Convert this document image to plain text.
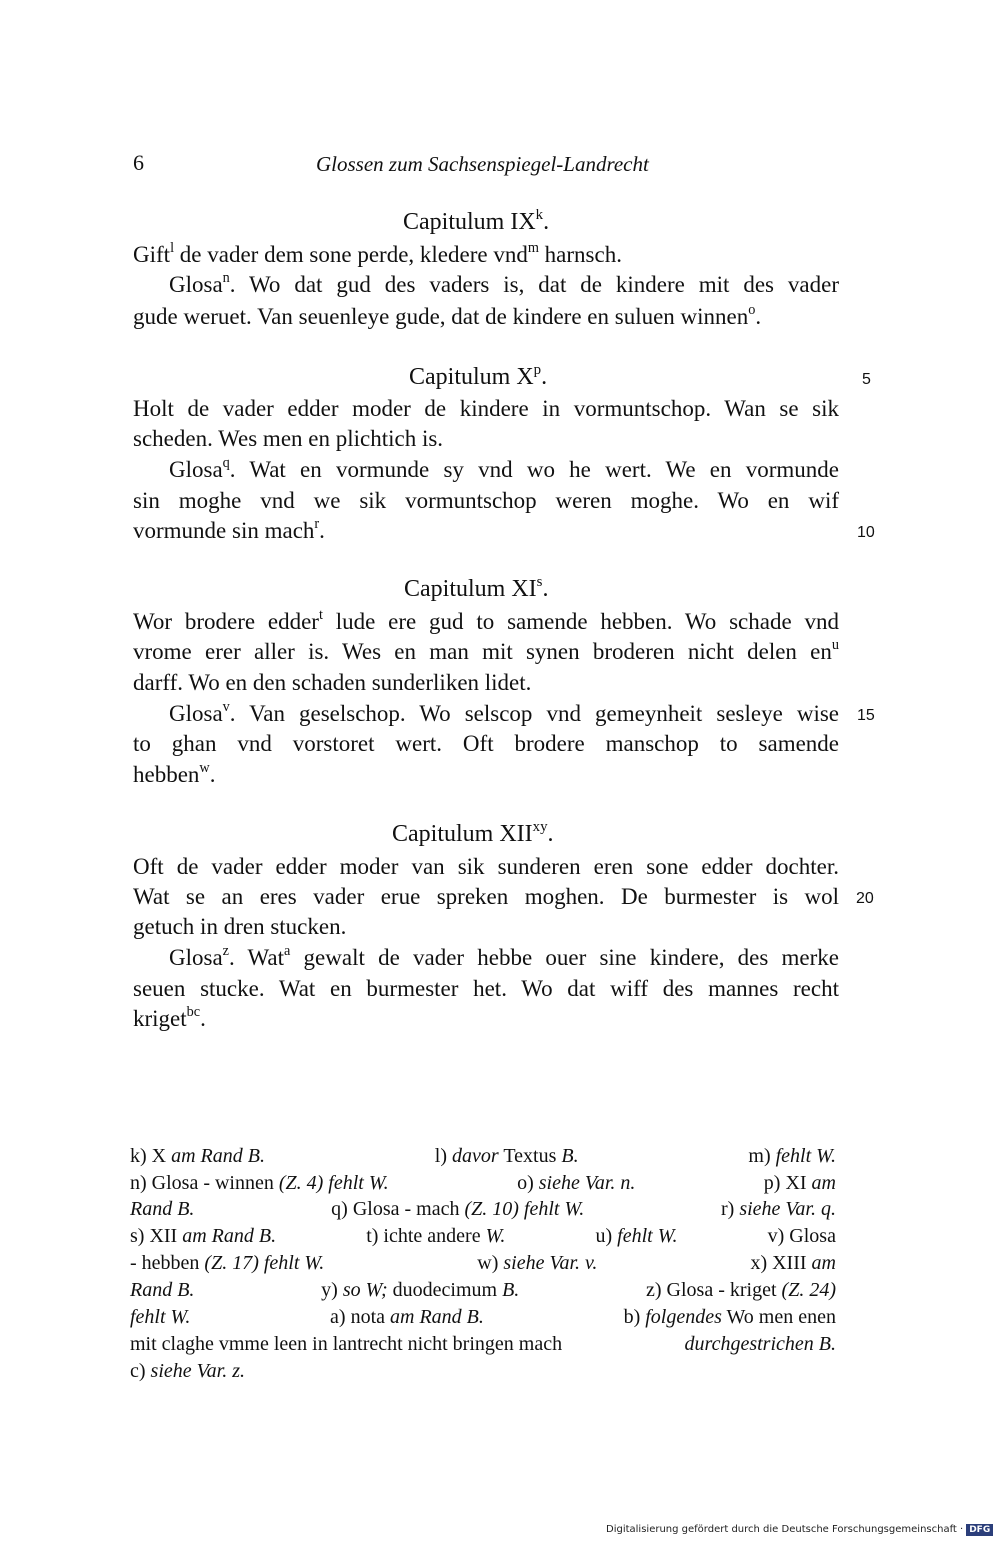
6	Glossen zum Sachsenspiegel-Landrecht
Capitulum $IX^k$.
Gift$^l$ de vader dem sone perde, kledere vnd$^m$ harnsch.
Glosa$^n$. Wo dat gud des vaders is, dat de kindere mit des vader
gude weruet. Van seuenleye gude, dat de kindere en suluen winnen$^o$.
Capitulum $X^p$.	5
Holt de vader edder moder de kindere in vormuntschop. Wan se sik
scheden. Wes men en plichtich is.
Glosa$^q$. Wat en vormunde sy vnd wo he wert. We en vormunde
sin moghe vnd we sik vormuntschop weren moghe. Wo en wif
vormunde sin mach$^r$.	10
Capitulum $XI^s$.
Wor brodere edder$^t$ lude ere gud to samende hebben. Wo schade vnd
vrome erer aller is. Wes en man mit synen broderen nicht delen $en^u$
darff. Wo en den schaden sunderliken lidet.
Glosa$^v$. Van geselschop. Wo selscop vnd gemeynheit sesleye wise 15
to ghan vnd vorstoret wert. Oft brodere manschop to samende
hebben$^w$.
Capitulum $XII^{xy}$.
Oft de vader edder moder van sik sunderen eren sone edder dochter.
Wat se an eres vader erue spreken moghen. De burmester is wol 20
getuch in dren stucken.
Glosa$^z$. Wat$^a$ gewalt de vader hebbe ouer sine kindere, des merke
seuen stucke. Wat en burmester het. Wo dat wiff des mannes recht
kriget$^{bc}$.
k) X am Rand B.	l) davor Textus B.	m) fehlt W.
n) Glosa - winnen (Z. 4) fehlt W.	o) siehe Var. n.	p) XI am
Rand B.	q) Glosa - mach (Z. 10) fehlt W.	r) siehe Var. q.
s) XII am Rand B.	t) ichte andere W.	u) fehlt W.	v) Glosa
- hebben (Z. 17) fehlt W.	w) siehe Var. v.	x) XIII am
Rand B.	y) so W; duodecimum B.	z) Glosa - kriget (Z. 24)
fehlt W.	a) nota am Rand B.	b) folgendes Wo men enen
mit claghe vmme leen in lantrecht nicht bringen mach	durchgestrichen B.
c) siehe Var. z.
Digitalisierung gefördert durch die Deutsche Forschungsgemeinschaft · DFG
